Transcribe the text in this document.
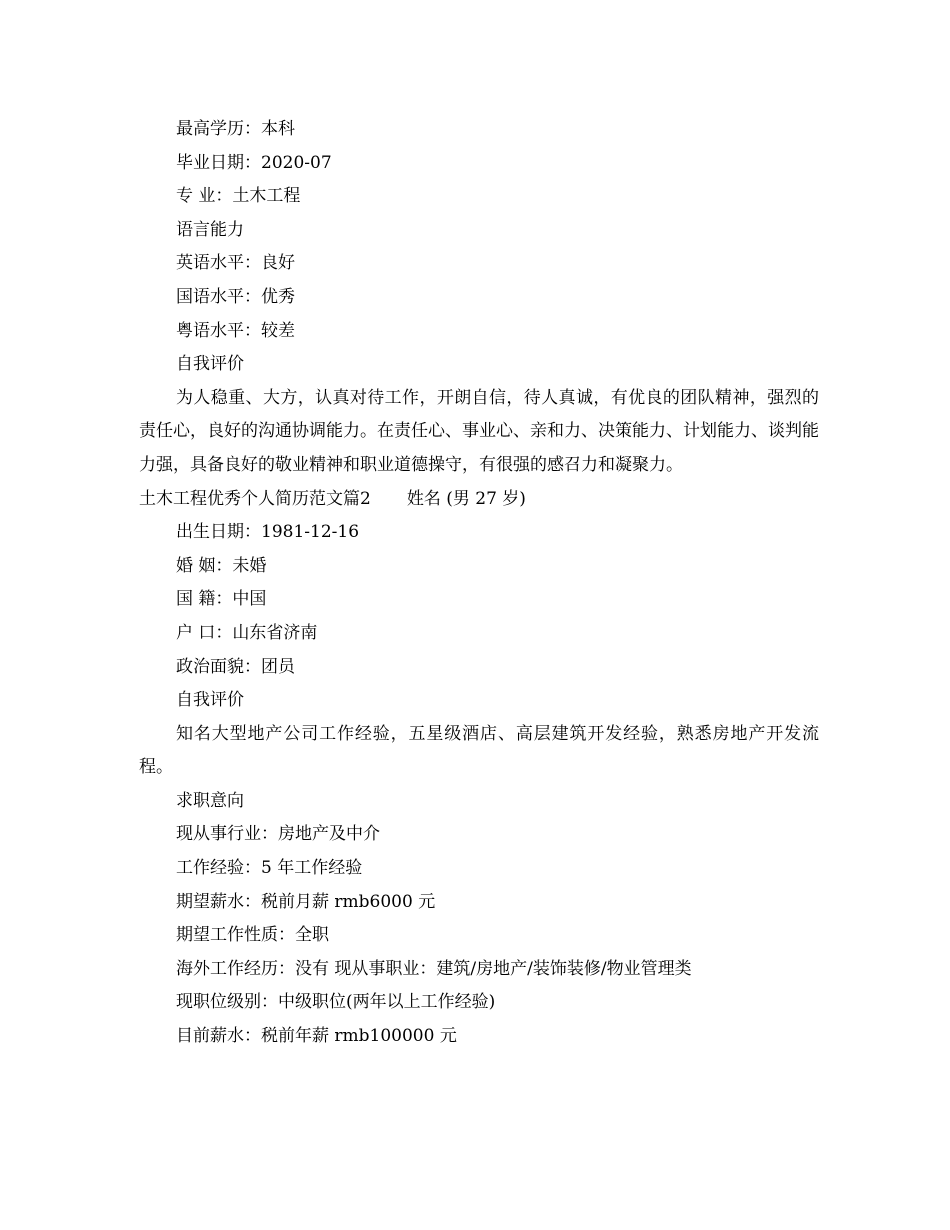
最高学历：本科
毕业日期：2020-07
专 业：土木工程
语言能力
英语水平：良好
国语水平：优秀
粤语水平：较差
自我评价

为人稳重、大方，认真对待工作，开朗自信，待人真诚，有优良的团队精神，强烈的责任心，良好的沟通协调能力。在责任心、事业心、亲和力、决策能力、计划能力、谈判能力强，具备良好的敬业精神和职业道德操守，有很强的感召力和凝聚力。

土木工程优秀个人简历范文篇2 姓名 (男 27 岁)
出生日期：1981-12-16
婚 姻：未婚
国 籍：中国
户 口：山东省济南
政治面貌：团员
自我评价

知名大型地产公司工作经验，五星级酒店、高层建筑开发经验，熟悉房地产开发流程。

求职意向
现从事行业：房地产及中介
工作经验：5 年工作经验
期望薪水：税前月薪 rmb6000 元
期望工作性质：全职
海外工作经历：没有 现从事职业：建筑/房地产/装饰装修/物业管理类
现职位级别：中级职位(两年以上工作经验)
目前薪水：税前年薪 rmb100000 元
